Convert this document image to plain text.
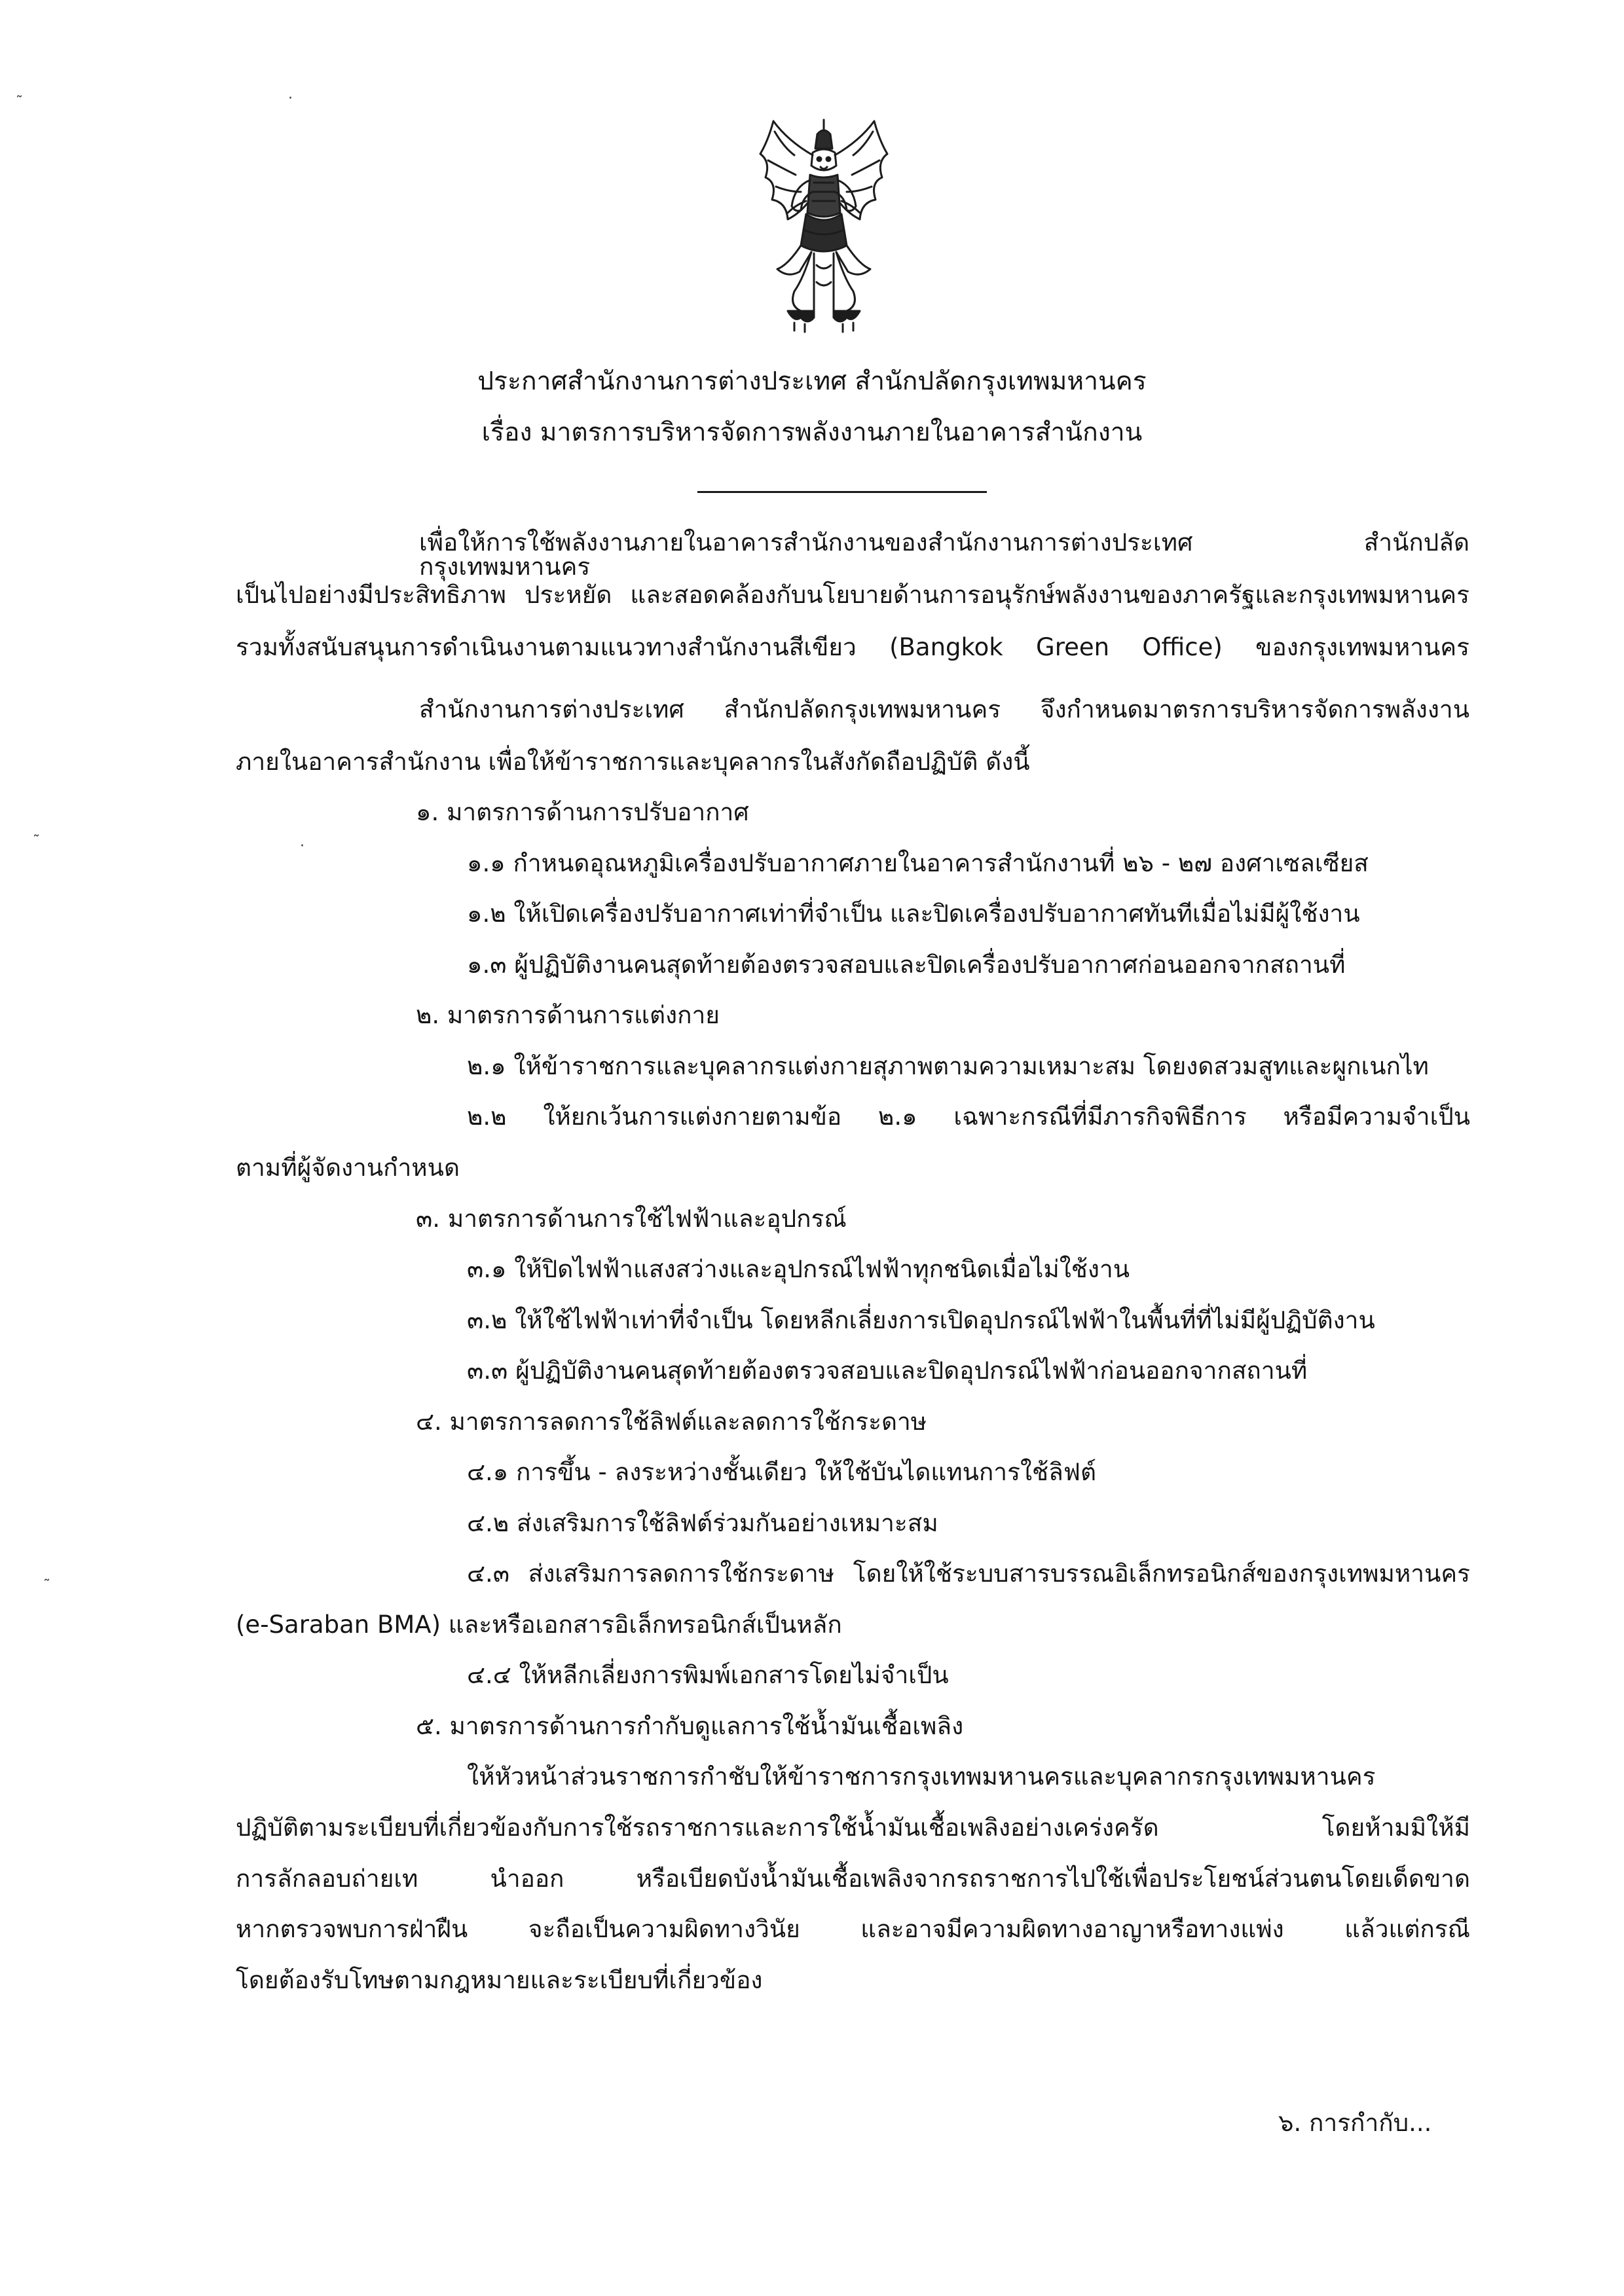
ประกาศสำนักงานการต่างประเทศ สำนักปลัดกรุงเทพมหานคร
เรื่อง มาตรการบริหารจัดการพลังงานภายในอาคารสำนักงาน
เพื่อให้การใช้พลังงานภายในอาคารสำนักงานของสำนักงานการต่างประเทศ สำนักปลัดกรุงเทพมหานคร
เป็นไปอย่างมีประสิทธิภาพ ประหยัด และสอดคล้องกับนโยบายด้านการอนุรักษ์พลังงานของภาครัฐและกรุงเทพมหานคร
รวมทั้งสนับสนุนการดำเนินงานตามแนวทางสำนักงานสีเขียว (Bangkok Green Office) ของกรุงเทพมหานคร
สำนักงานการต่างประเทศ สำนักปลัดกรุงเทพมหานคร จึงกำหนดมาตรการบริหารจัดการพลังงาน
ภายในอาคารสำนักงาน เพื่อให้ข้าราชการและบุคลากรในสังกัดถือปฏิบัติ ดังนี้
๑. มาตรการด้านการปรับอากาศ
๑.๑ กำหนดอุณหภูมิเครื่องปรับอากาศภายในอาคารสำนักงานที่ ๒๖ - ๒๗ องศาเซลเซียส
๑.๒ ให้เปิดเครื่องปรับอากาศเท่าที่จำเป็น และปิดเครื่องปรับอากาศทันทีเมื่อไม่มีผู้ใช้งาน
๑.๓ ผู้ปฏิบัติงานคนสุดท้ายต้องตรวจสอบและปิดเครื่องปรับอากาศก่อนออกจากสถานที่
๒. มาตรการด้านการแต่งกาย
๒.๑ ให้ข้าราชการและบุคลากรแต่งกายสุภาพตามความเหมาะสม โดยงดสวมสูทและผูกเนกไท
๒.๒ ให้ยกเว้นการแต่งกายตามข้อ ๒.๑ เฉพาะกรณีที่มีภารกิจพิธีการ หรือมีความจำเป็น
ตามที่ผู้จัดงานกำหนด
๓. มาตรการด้านการใช้ไฟฟ้าและอุปกรณ์
๓.๑ ให้ปิดไฟฟ้าแสงสว่างและอุปกรณ์ไฟฟ้าทุกชนิดเมื่อไม่ใช้งาน
๓.๒ ให้ใช้ไฟฟ้าเท่าที่จำเป็น โดยหลีกเลี่ยงการเปิดอุปกรณ์ไฟฟ้าในพื้นที่ที่ไม่มีผู้ปฏิบัติงาน
๓.๓ ผู้ปฏิบัติงานคนสุดท้ายต้องตรวจสอบและปิดอุปกรณ์ไฟฟ้าก่อนออกจากสถานที่
๔. มาตรการลดการใช้ลิฟต์และลดการใช้กระดาษ
๔.๑ การขึ้น - ลงระหว่างชั้นเดียว ให้ใช้บันไดแทนการใช้ลิฟต์
๔.๒ ส่งเสริมการใช้ลิฟต์ร่วมกันอย่างเหมาะสม
๔.๓ ส่งเสริมการลดการใช้กระดาษ โดยให้ใช้ระบบสารบรรณอิเล็กทรอนิกส์ของกรุงเทพมหานคร
(e-Saraban BMA) และหรือเอกสารอิเล็กทรอนิกส์เป็นหลัก
๔.๔ ให้หลีกเลี่ยงการพิมพ์เอกสารโดยไม่จำเป็น
๕. มาตรการด้านการกำกับดูแลการใช้น้ำมันเชื้อเพลิง
ให้หัวหน้าส่วนราชการกำชับให้ข้าราชการกรุงเทพมหานครและบุคลากรกรุงเทพมหานคร
ปฏิบัติตามระเบียบที่เกี่ยวข้องกับการใช้รถราชการและการใช้น้ำมันเชื้อเพลิงอย่างเคร่งครัด โดยห้ามมิให้มี
การลักลอบถ่ายเท นำออก หรือเบียดบังน้ำมันเชื้อเพลิงจากรถราชการไปใช้เพื่อประโยชน์ส่วนตนโดยเด็ดขาด
หากตรวจพบการฝ่าฝืน จะถือเป็นความผิดทางวินัย และอาจมีความผิดทางอาญาหรือทางแพ่ง แล้วแต่กรณี
โดยต้องรับโทษตามกฎหมายและระเบียบที่เกี่ยวข้อง
๖. การกำกับ...
˜	·
˜	·
˜
